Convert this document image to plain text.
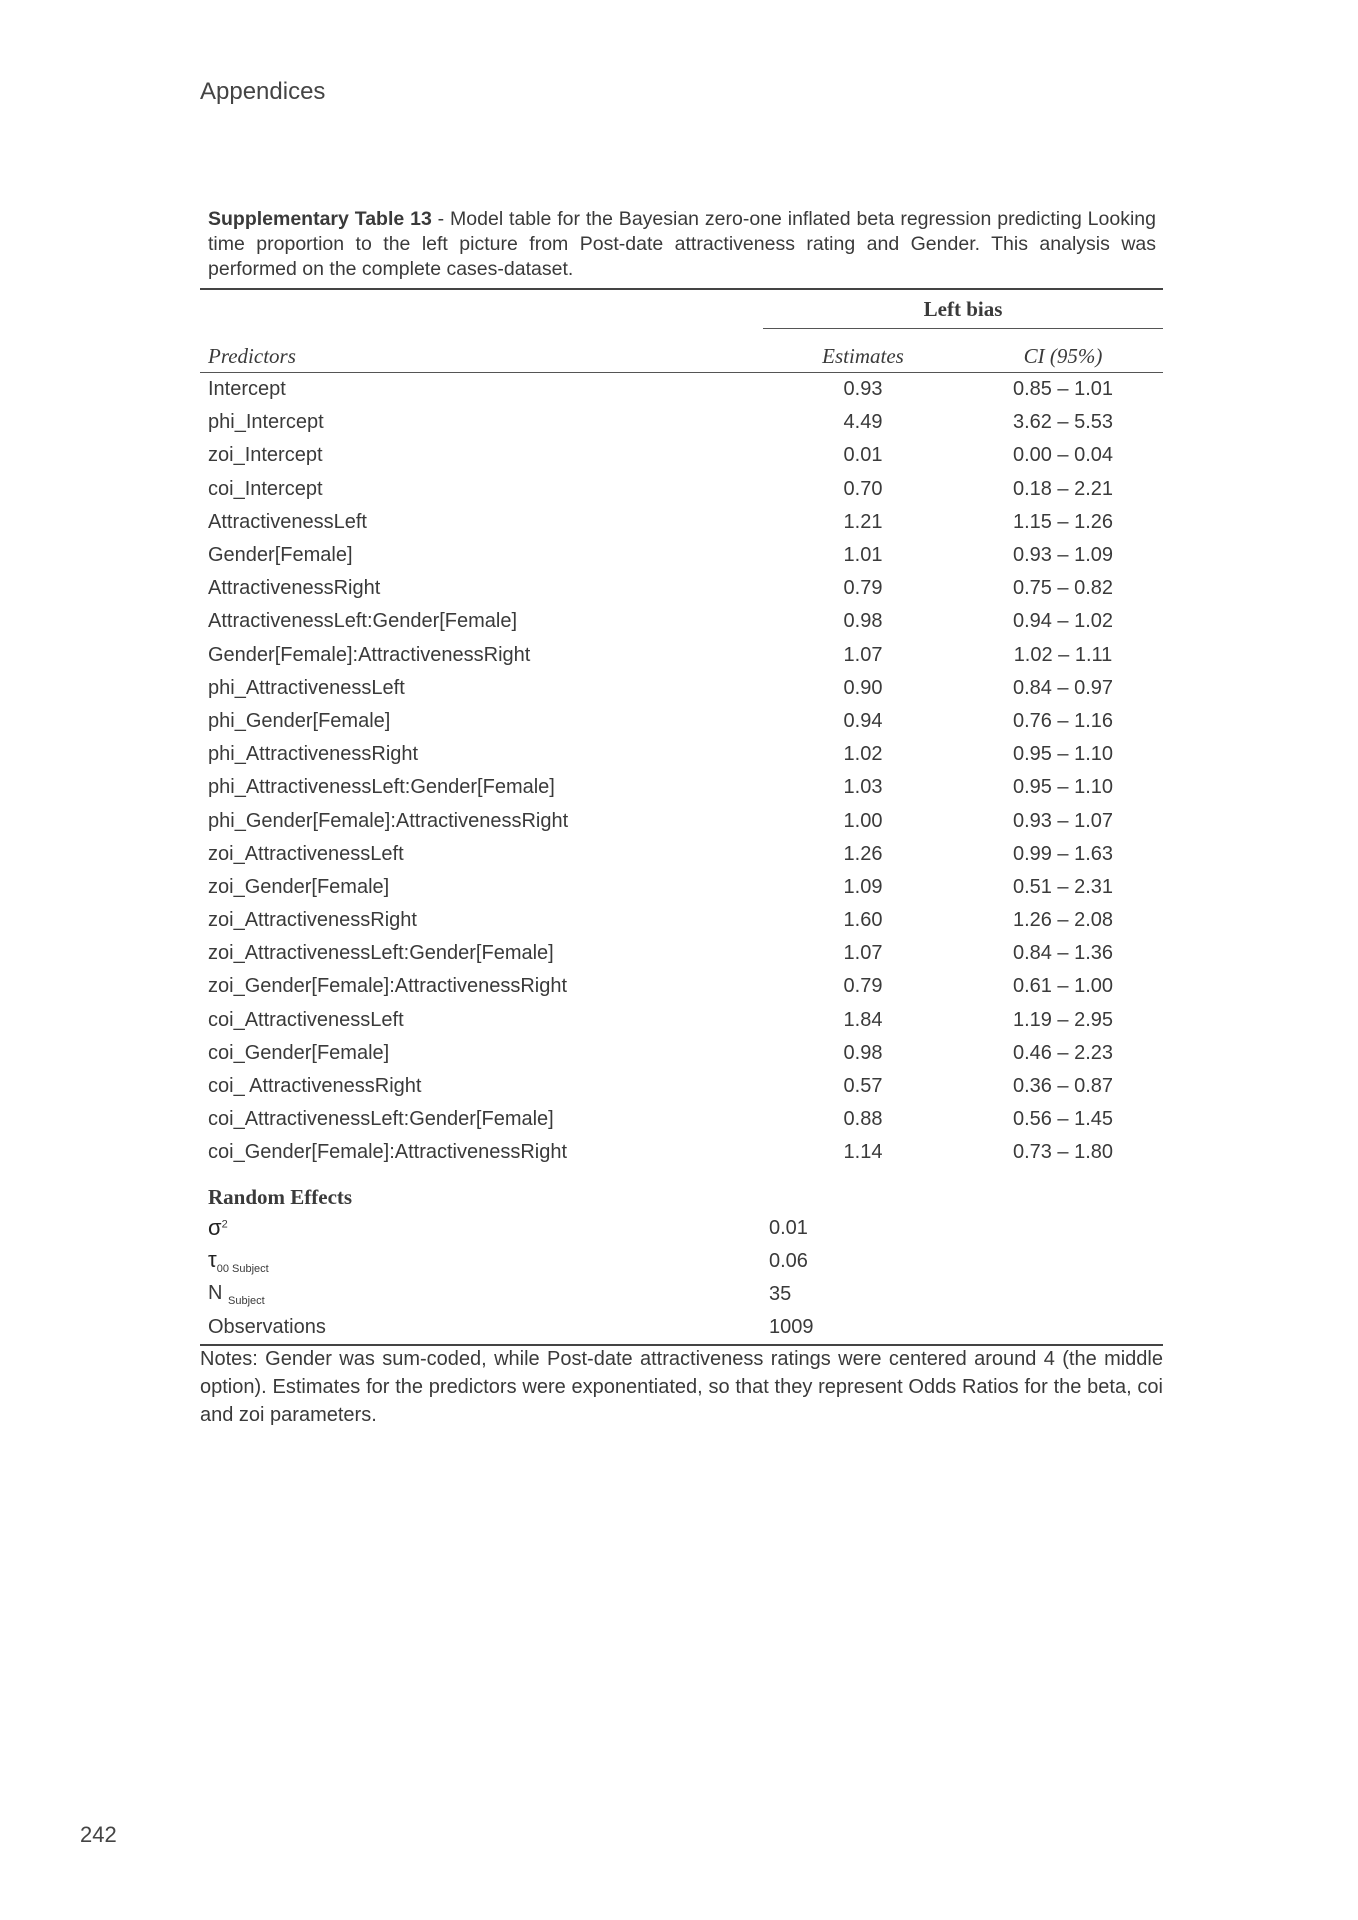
Appendices
Supplementary Table 13 - Model table for the Bayesian zero-one inflated beta regression predicting Looking time proportion to the left picture from Post-date attractiveness rating and Gender. This analysis was performed on the complete cases-dataset.
	Left bias	
Predictors	Estimates	CI (95%)
Intercept	0.93	0.85 – 1.01
phi_Intercept	4.49	3.62 – 5.53
zoi_Intercept	0.01	0.00 – 0.04
coi_Intercept	0.70	0.18 – 2.21
AttractivenessLeft	1.21	1.15 – 1.26
Gender[Female]	1.01	0.93 – 1.09
AttractivenessRight	0.79	0.75 – 0.82
AttractivenessLeft:Gender[Female]	0.98	0.94 – 1.02
Gender[Female]:AttractivenessRight	1.07	1.02 – 1.11
phi_AttractivenessLeft	0.90	0.84 – 0.97
phi_Gender[Female]	0.94	0.76 – 1.16
phi_AttractivenessRight	1.02	0.95 – 1.10
phi_AttractivenessLeft:Gender[Female]	1.03	0.95 – 1.10
phi_Gender[Female]:AttractivenessRight	1.00	0.93 – 1.07
zoi_AttractivenessLeft	1.26	0.99 – 1.63
zoi_Gender[Female]	1.09	0.51 – 2.31
zoi_AttractivenessRight	1.60	1.26 – 2.08
zoi_AttractivenessLeft:Gender[Female]	1.07	0.84 – 1.36
zoi_Gender[Female]:AttractivenessRight	0.79	0.61 – 1.00
coi_AttractivenessLeft	1.84	1.19 – 2.95
coi_Gender[Female]	0.98	0.46 – 2.23
coi_ AttractivenessRight	0.57	0.36 – 0.87
coi_AttractivenessLeft:Gender[Female]	0.88	0.56 – 1.45
coi_Gender[Female]:AttractivenessRight	1.14	0.73 – 1.80
Random Effects		
$\sigma^2$	0.01	
$\tau_{00 Subject}$	0.06	
N $_{Subject}$	35	
Observations	1009	
Notes: Gender was sum-coded, while Post-date attractiveness ratings were centered around 4 (the middle option). Estimates for the predictors were exponentiated, so that they represent Odds Ratios for the beta, coi and zoi parameters.
242
